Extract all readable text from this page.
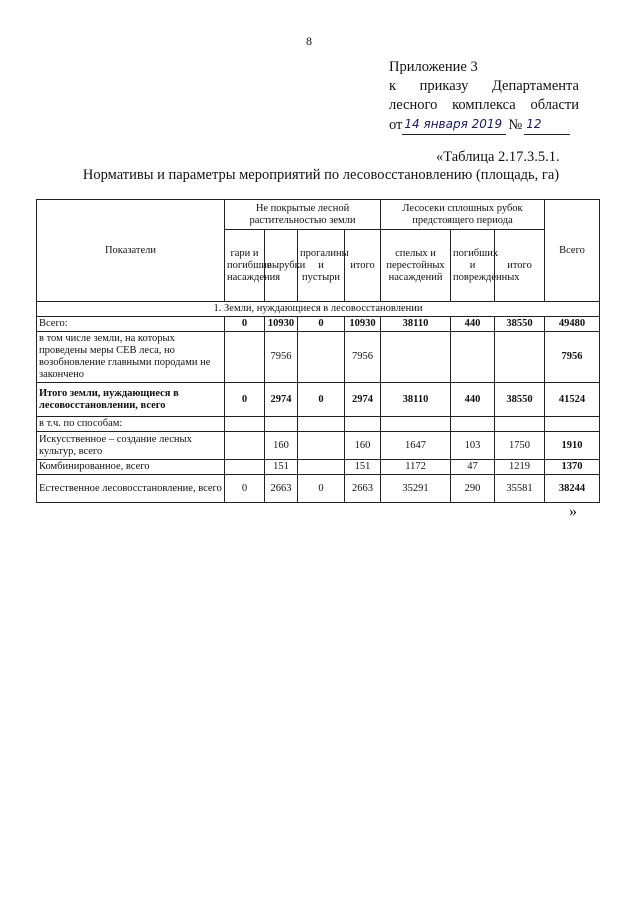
8
Приложение 3
к приказу Департамента
лесного комплекса области
от 14 января 2019 № 12
«Таблица 2.17.3.5.1.
Нормативы и параметры мероприятий по лесовосстановлению (площадь, га)
Показатели	Не покрытые лесной растительностью земли				Лесосеки сплошных рубок предстоящего периода			Всего
	гари и погибшие насаждения	вырубки	прогалины и пустыри	итого	спелых и перестойных насаждений	погибших и поврежденных	итого	
1. Земли, нуждающиеся в лесовосстановлении								
Всего:	0	10930	0	10930	38110	440	38550	49480
в том числе земли, на которых проведены меры СЕВ леса, но возобновление главными породами не закончено		7956		7956				7956
Итого земли, нуждающиеся в лесовосстановлении, всего	0	2974	0	2974	38110	440	38550	41524
в т.ч. по способам:								
Искусственное – создание лесных культур, всего		160		160	1647	103	1750	1910
Комбинированное, всего		151		151	1172	47	1219	1370
Естественное лесовосстановление, всего	0	2663	0	2663	35291	290	35581	38244
»
